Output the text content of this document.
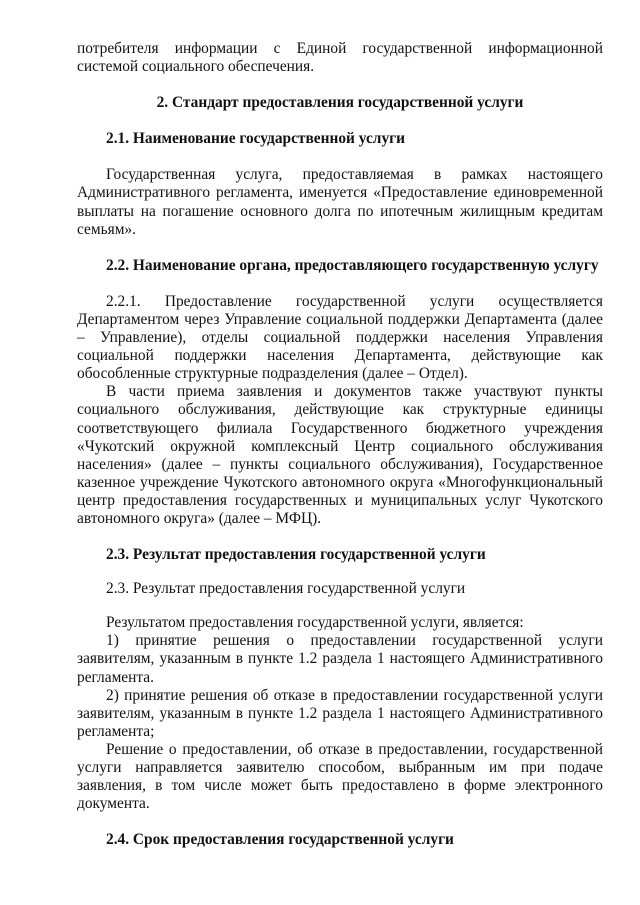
потребителя информации с Единой государственной информационной системой социального обеспечения.

2. Стандарт предоставления государственной услуги

2.1. Наименование государственной услуги

Государственная услуга, предоставляемая в рамках настоящего Административного регламента, именуется «Предоставление единовременной выплаты на погашение основного долга по ипотечным жилищным кредитам семьям».

2.2. Наименование органа, предоставляющего государственную услугу

2.2.1. Предоставление государственной услуги осуществляется Департаментом через Управление социальной поддержки Департамента (далее – Управление), отделы социальной поддержки населения Управления социальной поддержки населения Департамента, действующие как обособленные структурные подразделения (далее – Отдел).

В части приема заявления и документов также участвуют пункты социального обслуживания, действующие как структурные единицы соответствующего филиала Государственного бюджетного учреждения «Чукотский окружной комплексный Центр социального обслуживания населения» (далее – пункты социального обслуживания), Государственное казенное учреждение Чукотского автономного округа «Многофункциональный центр предоставления государственных и муниципальных услуг Чукотского автономного округа» (далее – МФЦ).

2.3. Результат предоставления государственной услуги

2.3. Результат предоставления государственной услуги

Результатом предоставления государственной услуги, является:

1) принятие решения о предоставлении государственной услуги заявителям, указанным в пункте 1.2 раздела 1 настоящего Административного регламента.

2) принятие решения об отказе в предоставлении государственной услуги заявителям, указанным в пункте 1.2 раздела 1 настоящего Административного регламента;

Решение о предоставлении, об отказе в предоставлении, государственной услуги направляется заявителю способом, выбранным им при подаче заявления, в том числе может быть предоставлено в форме электронного документа.

2.4. Срок предоставления государственной услуги
